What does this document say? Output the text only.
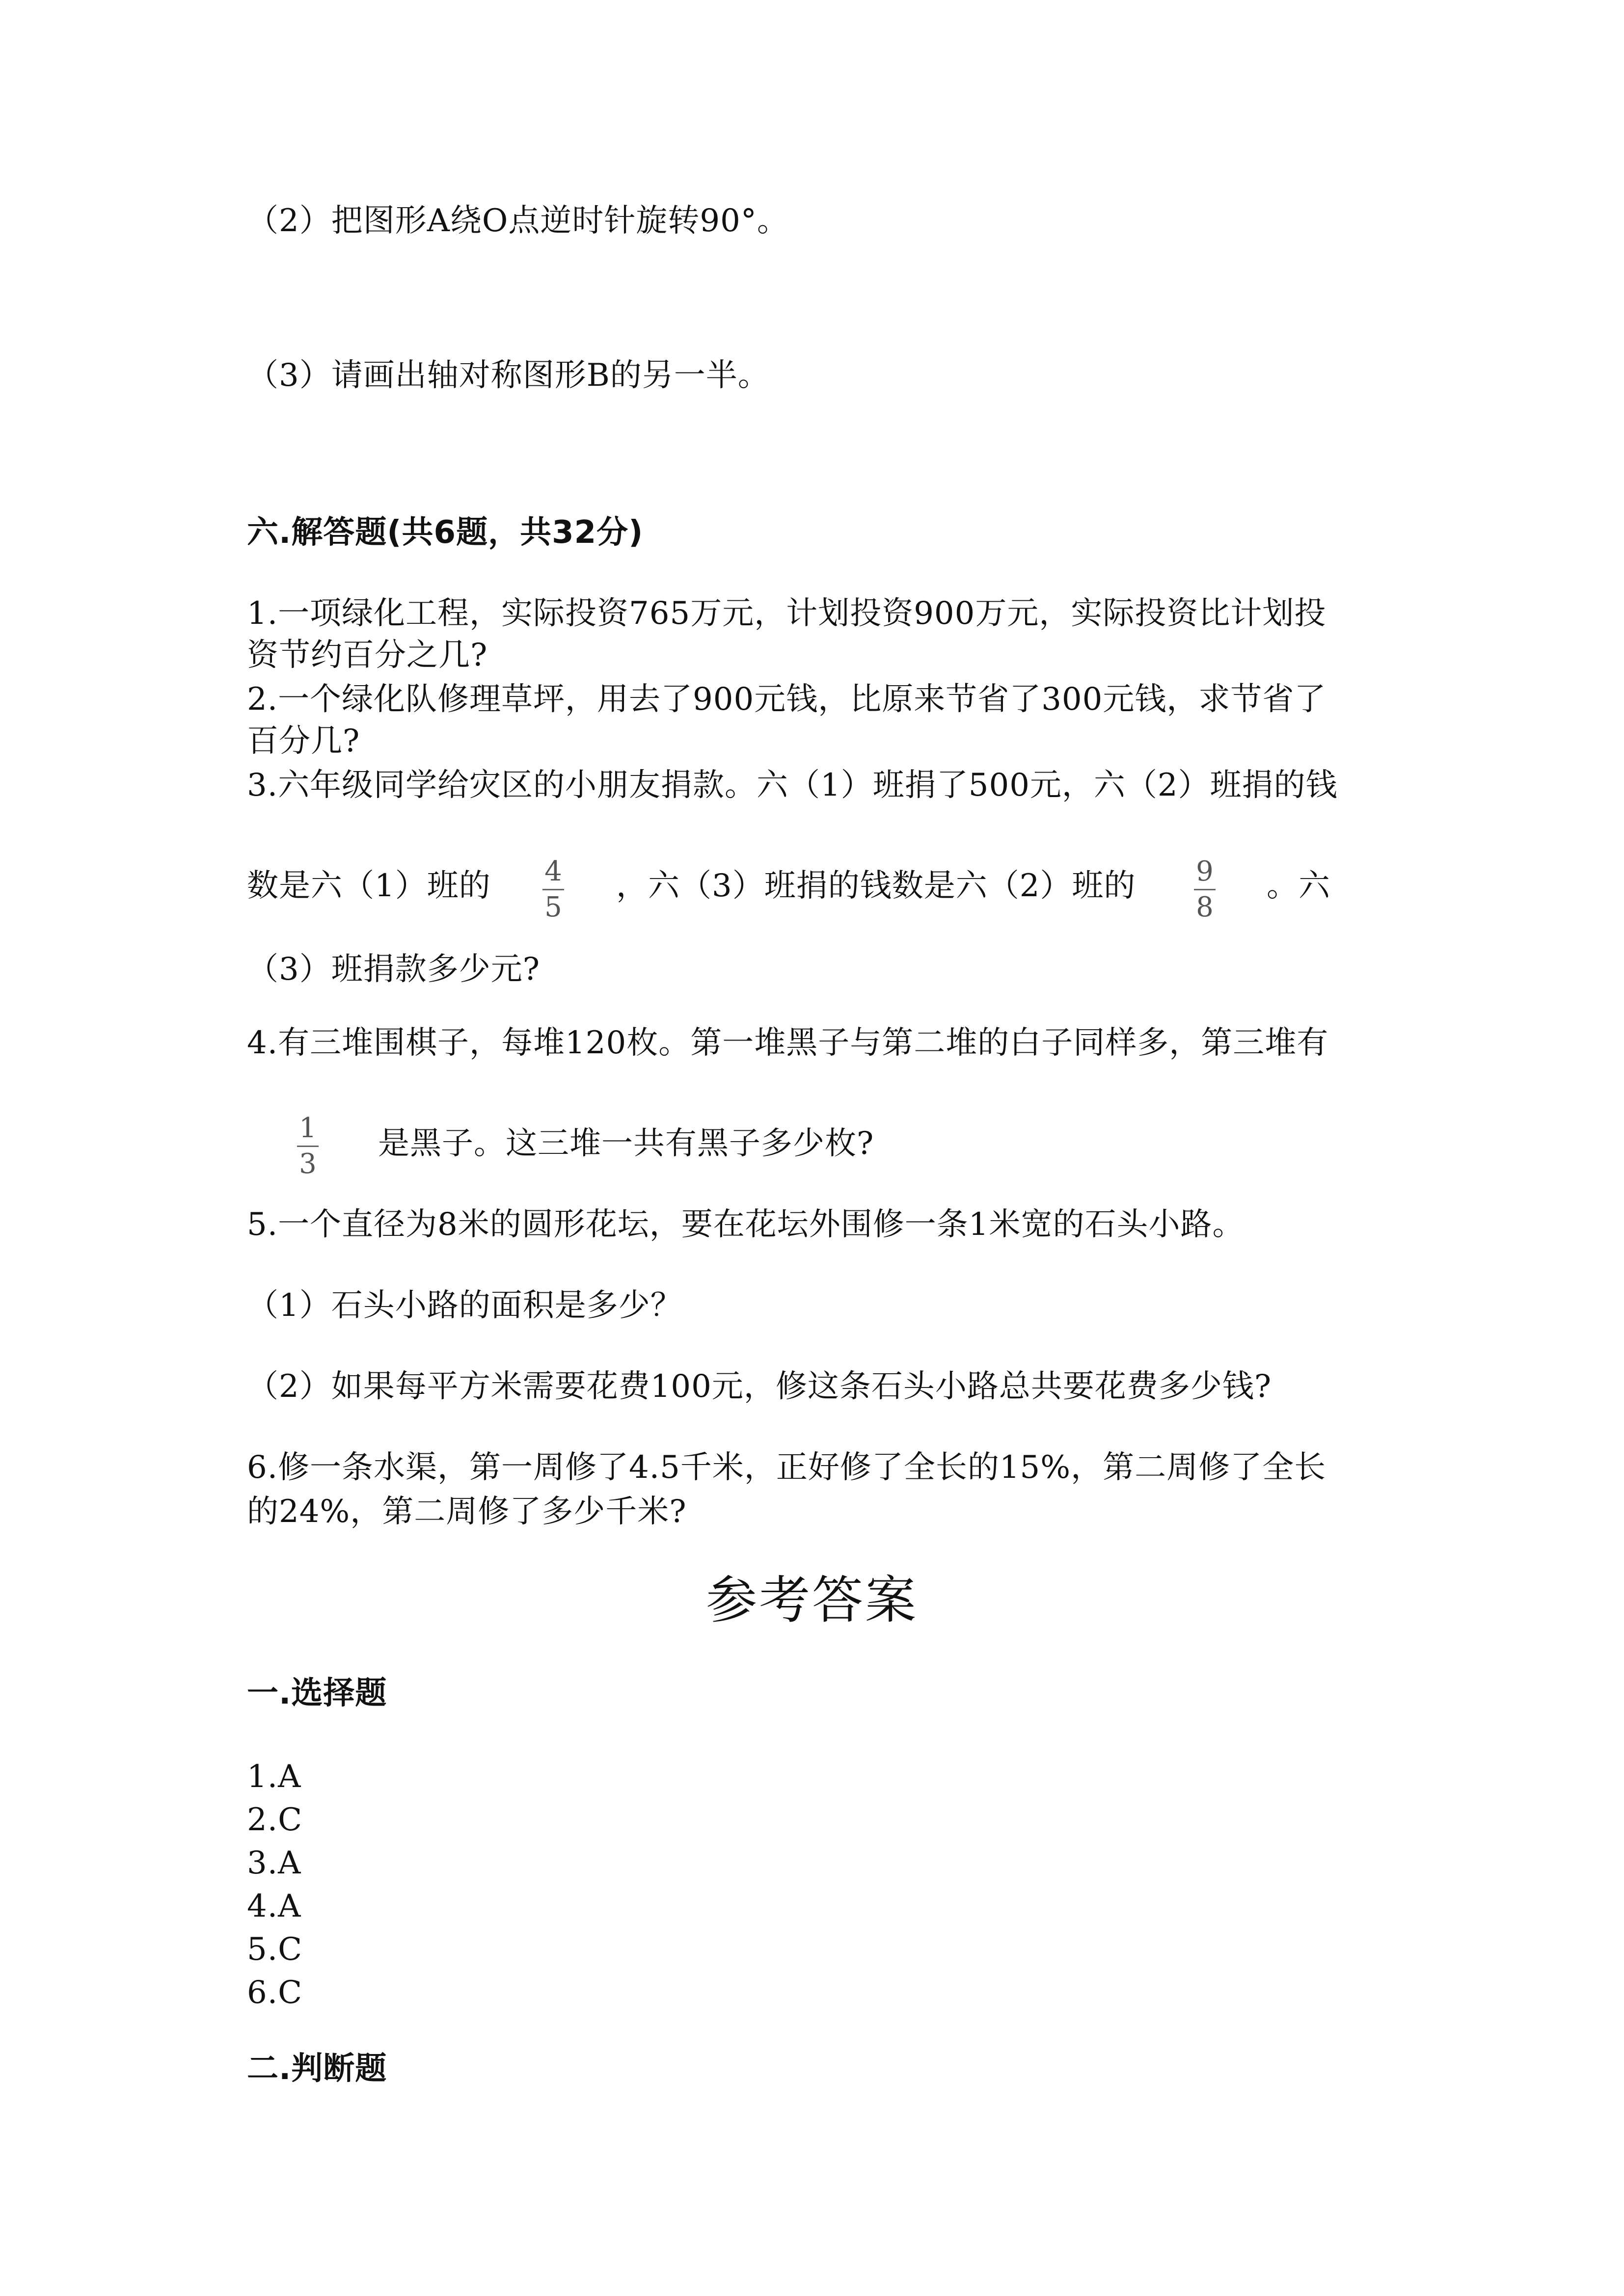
（2）把图形A绕O点逆时针旋转90°。
（3）请画出轴对称图形B的另一半。
六.解答题(共6题，共32分)
1.一项绿化工程，实际投资765万元，计划投资900万元，实际投资比计划投
资节约百分之几?
2.一个绿化队修理草坪，用去了900元钱，比原来节省了300元钱，求节省了
百分几?
3.六年级同学给灾区的小朋友捐款。六（1）班捐了500元，六（2）班捐的钱
数是六（1）班的 4
5
，六（3）班捐的钱数是六（2）班的 9
8
。六
（3）班捐款多少元?
4.有三堆围棋子，每堆120枚。第一堆黑子与第二堆的白子同样多，第三堆有
1
3
是黑子。这三堆一共有黑子多少枚?
5.一个直径为8米的圆形花坛，要在花坛外围修一条1米宽的石头小路。
（1）石头小路的面积是多少？
（2）如果每平方米需要花费100元，修这条石头小路总共要花费多少钱?
6.修一条水渠，第一周修了4.5千米，正好修了全长的15%，第二周修了全长
的24%，第二周修了多少千米?
参考答案
一.选择题
1.A
2.C
3.A
4.A
5.C
6.C
二.判断题
